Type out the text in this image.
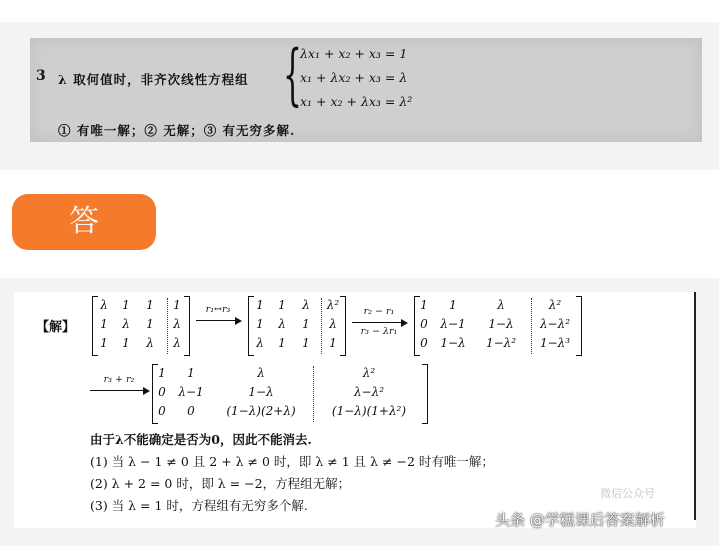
3 λ 取何值时，非齐次线性方程组 {
λx₁ + x₂ + x₃ = 1
x₁ + λx₂ + x₃ = λ
x₁ + x₂ + λx₃ = λ²
① 有唯一解；② 无解；③ 有无穷多解.
答
【解】
λ	1	1	1
1	λ	1	λ
1	1	λ	λ
r₁↔r₃	1	1	λ	λ²
1	λ	1	λ
λ	1	1	1
r₂ − r₁
r₃ − λr₁
1	1	λ	λ²
0	λ−1	1−λ	λ−λ²
0	1−λ	1−λ²	1−λ³
r₃ + r₂	1	1	λ	λ²
0	λ−1	1−λ	λ−λ²
0	0	(1−λ)(2+λ)	(1−λ)(1+λ²)
由于λ不能确定是否为0，因此不能消去.
(1) 当 λ − 1 ≠ 0 且 2 + λ ≠ 0 时，即 λ ≠ 1 且 λ ≠ −2 时有唯一解；
(2) λ + 2 = 0 时，即 λ = −2，方程组无解；
(3) 当 λ = 1 时，方程组有无穷多个解.
微信公众号
头条 @学糕课后答案解析
